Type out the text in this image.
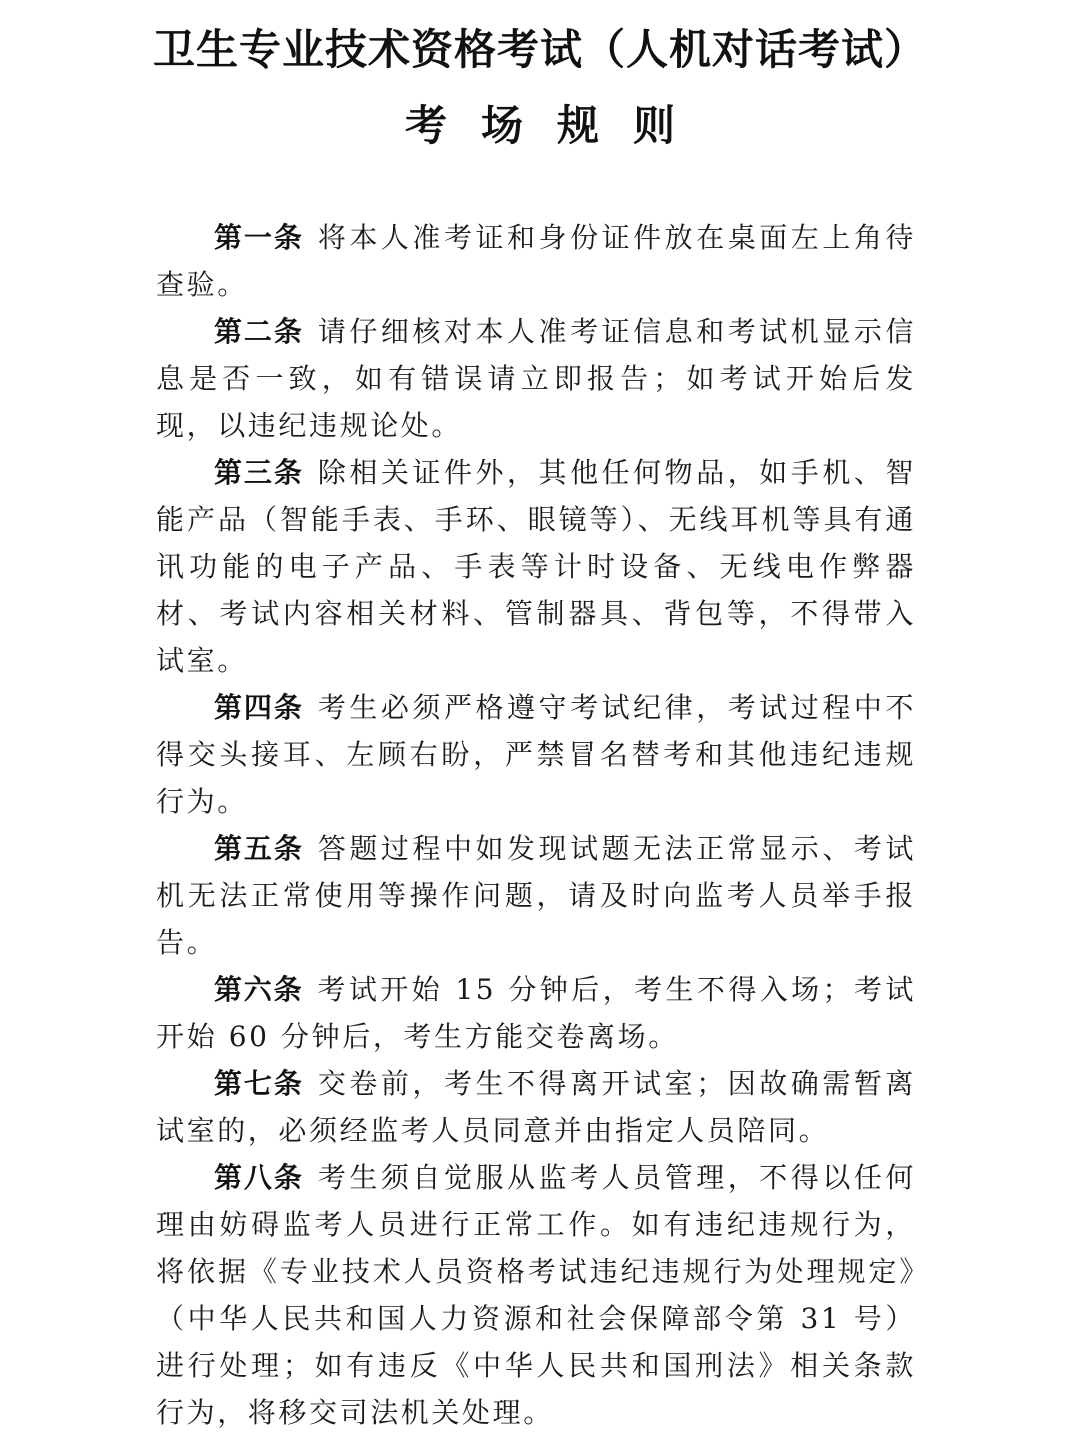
卫生专业技术资格考试（人机对话考试）
考场规则

第一条 将本人准考证和身份证件放在桌面左上角待查验。

第二条 请仔细核对本人准考证信息和考试机显示信息是否一致，如有错误请立即报告；如考试开始后发现，以违纪违规论处。

第三条 除相关证件外，其他任何物品，如手机、智能产品（智能手表、手环、眼镜等）、无线耳机等具有通讯功能的电子产品、手表等计时设备、无线电作弊器材、考试内容相关材料、管制器具、背包等，不得带入试室。

第四条 考生必须严格遵守考试纪律，考试过程中不得交头接耳、左顾右盼，严禁冒名替考和其他违纪违规行为。

第五条 答题过程中如发现试题无法正常显示、考试机无法正常使用等操作问题，请及时向监考人员举手报告。

第六条 考试开始 15 分钟后，考生不得入场；考试开始 60 分钟后，考生方能交卷离场。

第七条 交卷前，考生不得离开试室；因故确需暂离试室的，必须经监考人员同意并由指定人员陪同。

第八条 考生须自觉服从监考人员管理，不得以任何理由妨碍监考人员进行正常工作。如有违纪违规行为，将依据《专业技术人员资格考试违纪违规行为处理规定》（中华人民共和国人力资源和社会保障部令第 31 号）进行处理；如有违反《中华人民共和国刑法》相关条款行为，将移交司法机关处理。
